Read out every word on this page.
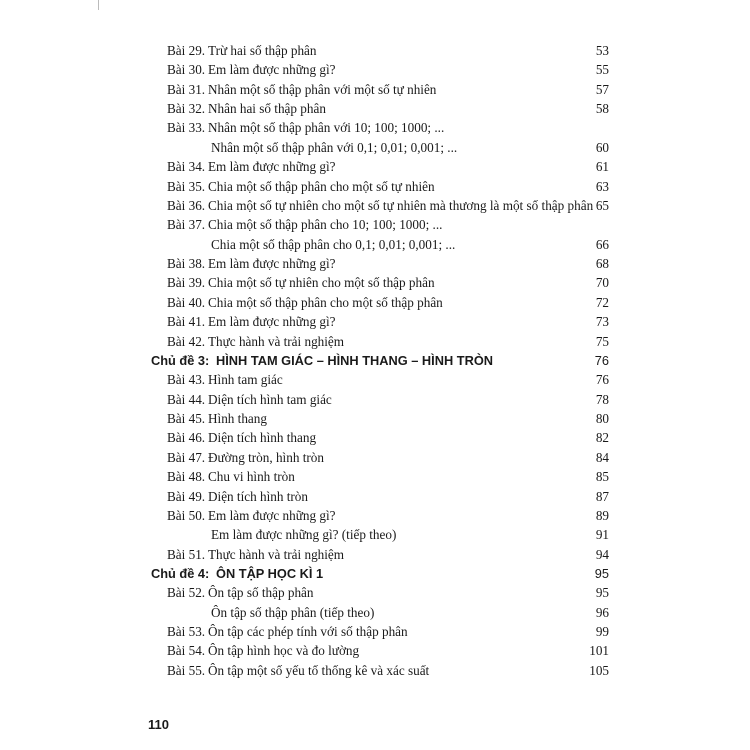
Bài 29. Trừ hai số thập phân	53
Bài 30. Em làm được những gì?	55
Bài 31. Nhân một số thập phân với một số tự nhiên	57
Bài 32. Nhân hai số thập phân	58
Bài 33. Nhân một số thập phân với 10; 100; 1000; ...
Nhân một số thập phân với 0,1; 0,01; 0,001; ...	60
Bài 34. Em làm được những gì?	61
Bài 35. Chia một số thập phân cho một số tự nhiên	63
Bài 36. Chia một số tự nhiên cho một số tự nhiên mà thương là một số thập phân 65
Bài 37. Chia một số thập phân cho 10; 100; 1000; ...
Chia một số thập phân cho 0,1; 0,01; 0,001; ...	66
Bài 38. Em làm được những gì?	68
Bài 39. Chia một số tự nhiên cho một số thập phân	70
Bài 40. Chia một số thập phân cho một số thập phân	72
Bài 41. Em làm được những gì?	73
Bài 42. Thực hành và trải nghiệm	75
Chủ đề 3: HÌNH TAM GIÁC – HÌNH THANG – HÌNH TRÒN	76
Bài 43. Hình tam giác	76
Bài 44. Diện tích hình tam giác	78
Bài 45. Hình thang	80
Bài 46. Diện tích hình thang	82
Bài 47. Đường tròn, hình tròn	84
Bài 48. Chu vi hình tròn	85
Bài 49. Diện tích hình tròn	87
Bài 50. Em làm được những gì?	89
Em làm được những gì? (tiếp theo)	91
Bài 51. Thực hành và trải nghiệm	94
Chủ đề 4: ÔN TẬP HỌC KÌ 1	95
Bài 52. Ôn tập số thập phân	95
Ôn tập số thập phân (tiếp theo)	96
Bài 53. Ôn tập các phép tính với số thập phân	99
Bài 54. Ôn tập hình học và đo lường	101
Bài 55. Ôn tập một số yếu tố thống kê và xác suất	105
110
